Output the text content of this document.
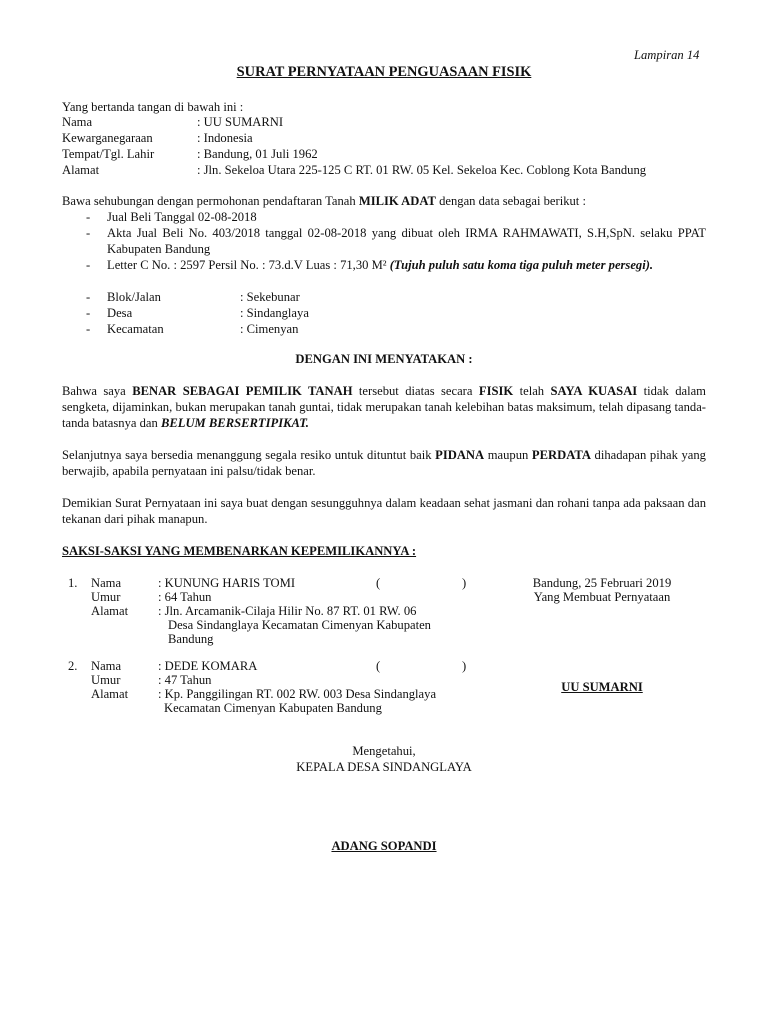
Lampiran 14
SURAT PERNYATAAN PENGUASAAN FISIK
Yang bertanda tangan di bawah ini :
Nama	: UU SUMARNI
Kewarganegaraan	: Indonesia
Tempat/Tgl. Lahir	: Bandung, 01 Juli 1962
Alamat	: Jln. Sekeloa Utara 225-125 C RT. 01 RW. 05 Kel. Sekeloa Kec. Coblong Kota Bandung
Bawa sehubungan dengan permohonan pendaftaran Tanah MILIK ADAT dengan data sebagai berikut :
- Jual Beli Tanggal 02-08-2018
- Akta Jual Beli No. 403/2018 tanggal 02-08-2018 yang dibuat oleh IRMA RAHMAWATI, S.H,SpN. selaku PPAT Kabupaten Bandung
- Letter C No. : 2597 Persil No. : 73.d.V Luas : 71,30 M² (Tujuh puluh satu koma tiga puluh meter persegi).
- Blok/Jalan	: Sekebunar
- Desa	: Sindanglaya
- Kecamatan	: Cimenyan
DENGAN INI MENYATAKAN :
Bahwa saya BENAR SEBAGAI PEMILIK TANAH tersebut diatas secara FISIK telah SAYA KUASAI tidak dalam sengketa, dijaminkan, bukan merupakan tanah guntai, tidak merupakan tanah kelebihan batas maksimum, telah dipasang tanda-tanda batasnya dan BELUM BERSERTIPIKAT.
Selanjutnya saya bersedia menanggung segala resiko untuk dituntut baik PIDANA maupun PERDATA dihadapan pihak yang berwajib, apabila pernyataan ini palsu/tidak benar.
Demikian Surat Pernyataan ini saya buat dengan sesungguhnya dalam keadaan sehat jasmani dan rohani tanpa ada paksaan dan tekanan dari pihak manapun.
SAKSI-SAKSI YANG MEMBENARKAN KEPEMILIKANNYA :
1. Nama	: KUNUNG HARIS TOMI	(	)
Umur	: 64 Tahun
Alamat : Jln. Arcamanik-Cilaja Hilir No. 87 RT. 01 RW. 06
Desa Sindanglaya Kecamatan Cimenyan Kabupaten
Bandung
Bandung, 25 Februari 2019
Yang Membuat Pernyataan
2. Nama	: DEDE KOMARA	(	)
Umur	: 47 Tahun
Alamat : Kp. Panggilingan RT. 002 RW. 003 Desa Sindanglaya
Kecamatan Cimenyan Kabupaten Bandung
UU SUMARNI
Mengetahui,
KEPALA DESA SINDANGLAYA
ADANG SOPANDI
